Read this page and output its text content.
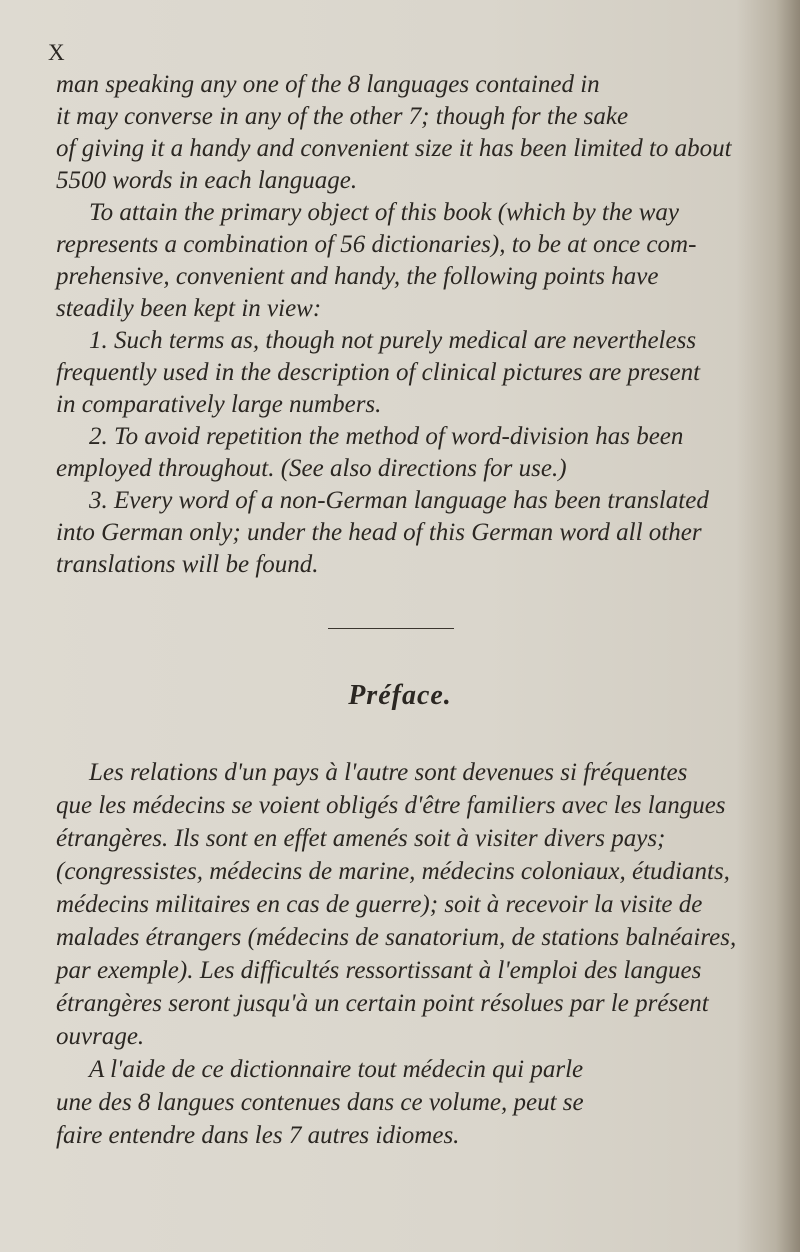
X
man speaking any one of the 8 languages contained in
it may converse in any of the other 7; though for the sake
of giving it a handy and convenient size it has been limited to about
5500 words in each language.
To attain the primary object of this book (which by the way
represents a combination of 56 dictionaries), to be at once com-
prehensive, convenient and handy, the following points have
steadily been kept in view:
1. Such terms as, though not purely medical are nevertheless
frequently used in the description of clinical pictures are present
in comparatively large numbers.
2. To avoid repetition the method of word-division has been
employed throughout. (See also directions for use.)
3. Every word of a non-German language has been translated
into German only; under the head of this German word all other
translations will be found.
Préface.
Les relations d'un pays à l'autre sont devenues si fréquentes
que les médecins se voient obligés d'être familiers avec les langues
étrangères. Ils sont en effet amenés soit à visiter divers pays;
(congressistes, médecins de marine, médecins coloniaux, étudiants,
médecins militaires en cas de guerre); soit à recevoir la visite de
malades étrangers (médecins de sanatorium, de stations balnéaires,
par exemple). Les difficultés ressortissant à l'emploi des langues
étrangères seront jusqu'à un certain point résolues par le présent
ouvrage.
A l'aide de ce dictionnaire tout médecin qui parle
une des 8 langues contenues dans ce volume, peut se
faire entendre dans les 7 autres idiomes.
